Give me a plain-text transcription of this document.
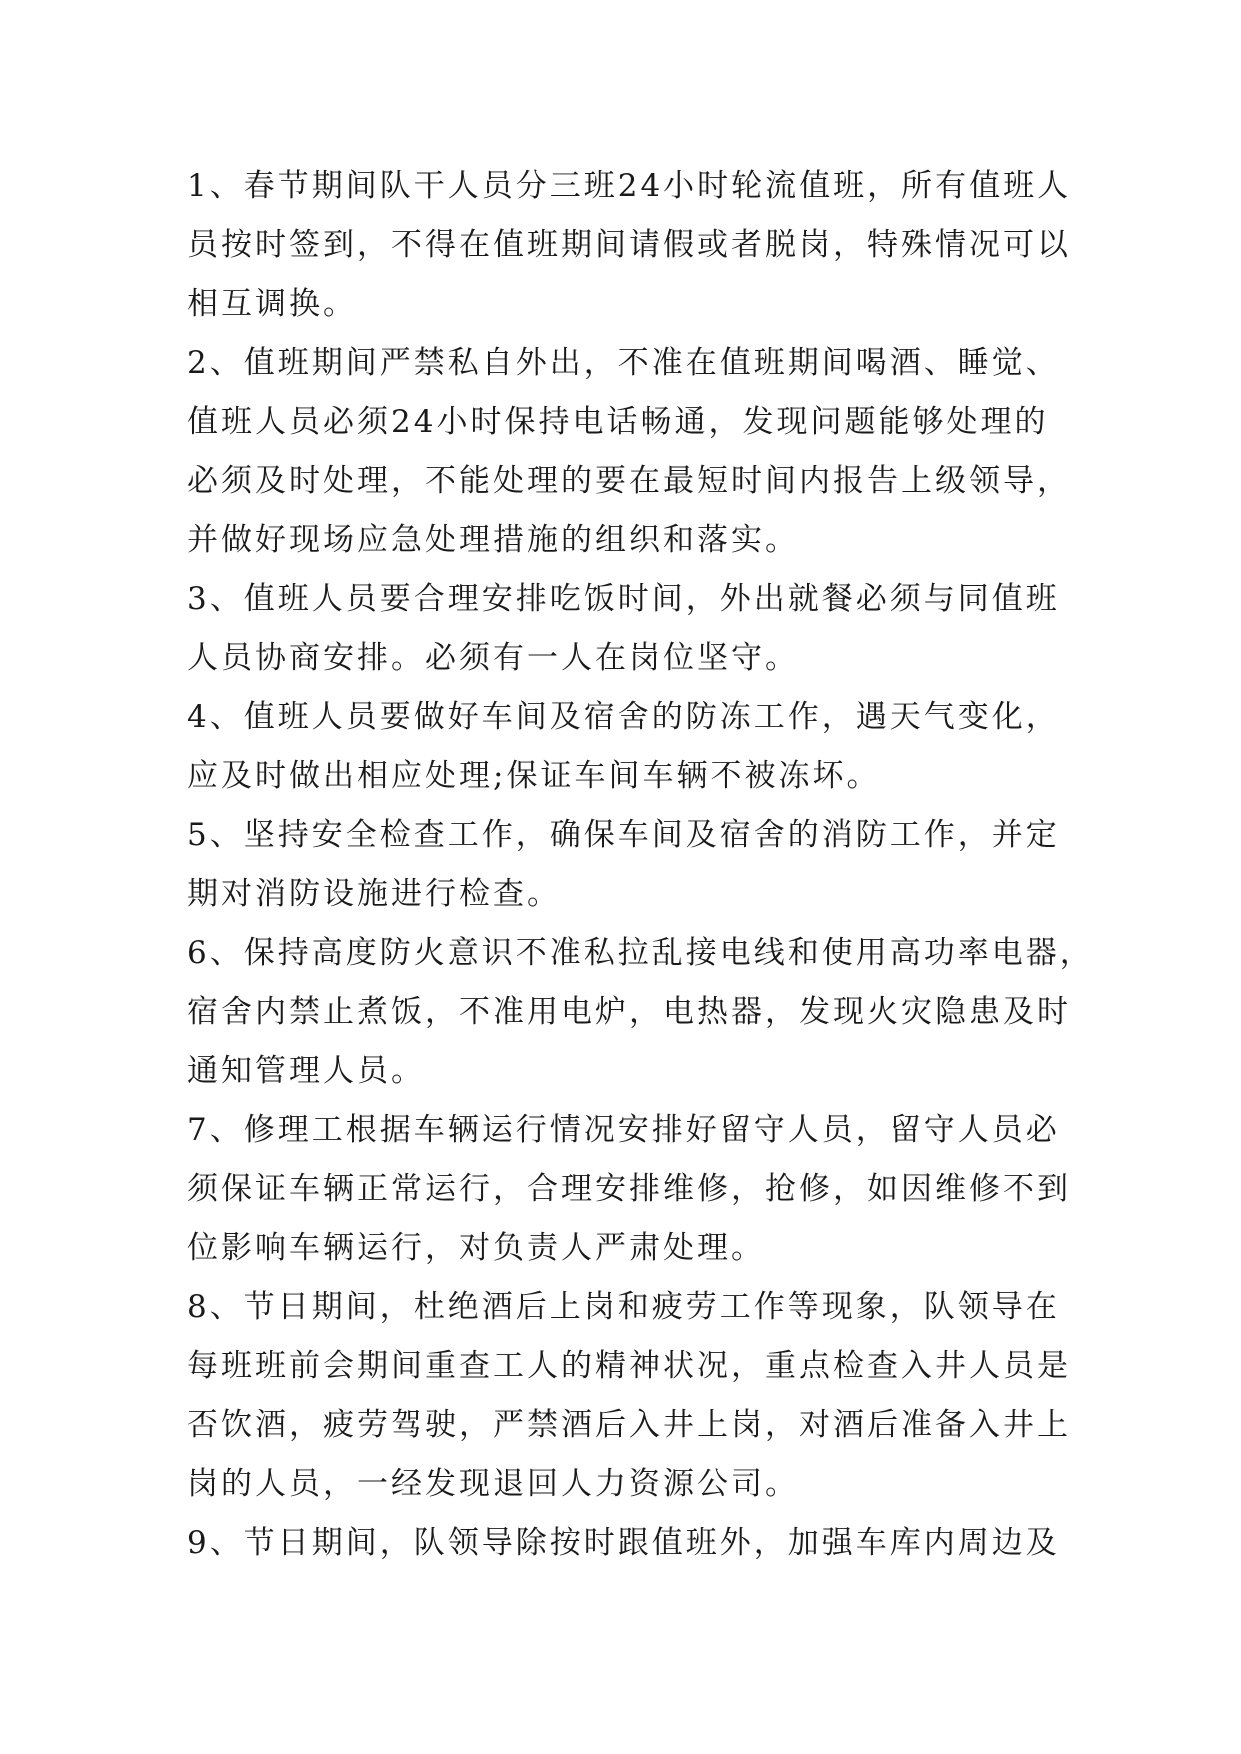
1、春节期间队干人员分三班24小时轮流值班，所有值班人
员按时签到，不得在值班期间请假或者脱岗，特殊情况可以
相互调换。
2、值班期间严禁私自外出，不准在值班期间喝酒、睡觉、
值班人员必须24小时保持电话畅通，发现问题能够处理的
必须及时处理，不能处理的要在最短时间内报告上级领导，
并做好现场应急处理措施的组织和落实。
3、值班人员要合理安排吃饭时间，外出就餐必须与同值班
人员协商安排。必须有一人在岗位坚守。
4、值班人员要做好车间及宿舍的防冻工作，遇天气变化，
应及时做出相应处理;保证车间车辆不被冻坏。
5、坚持安全检查工作，确保车间及宿舍的消防工作，并定
期对消防设施进行检查。
6、保持高度防火意识不准私拉乱接电线和使用高功率电器，
宿舍内禁止煮饭，不准用电炉，电热器，发现火灾隐患及时
通知管理人员。
7、修理工根据车辆运行情况安排好留守人员，留守人员必
须保证车辆正常运行，合理安排维修，抢修，如因维修不到
位影响车辆运行，对负责人严肃处理。
8、节日期间，杜绝酒后上岗和疲劳工作等现象，队领导在
每班班前会期间重查工人的精神状况，重点检查入井人员是
否饮酒，疲劳驾驶，严禁酒后入井上岗，对酒后准备入井上
岗的人员，一经发现退回人力资源公司。
9、节日期间，队领导除按时跟值班外，加强车库内周边及
